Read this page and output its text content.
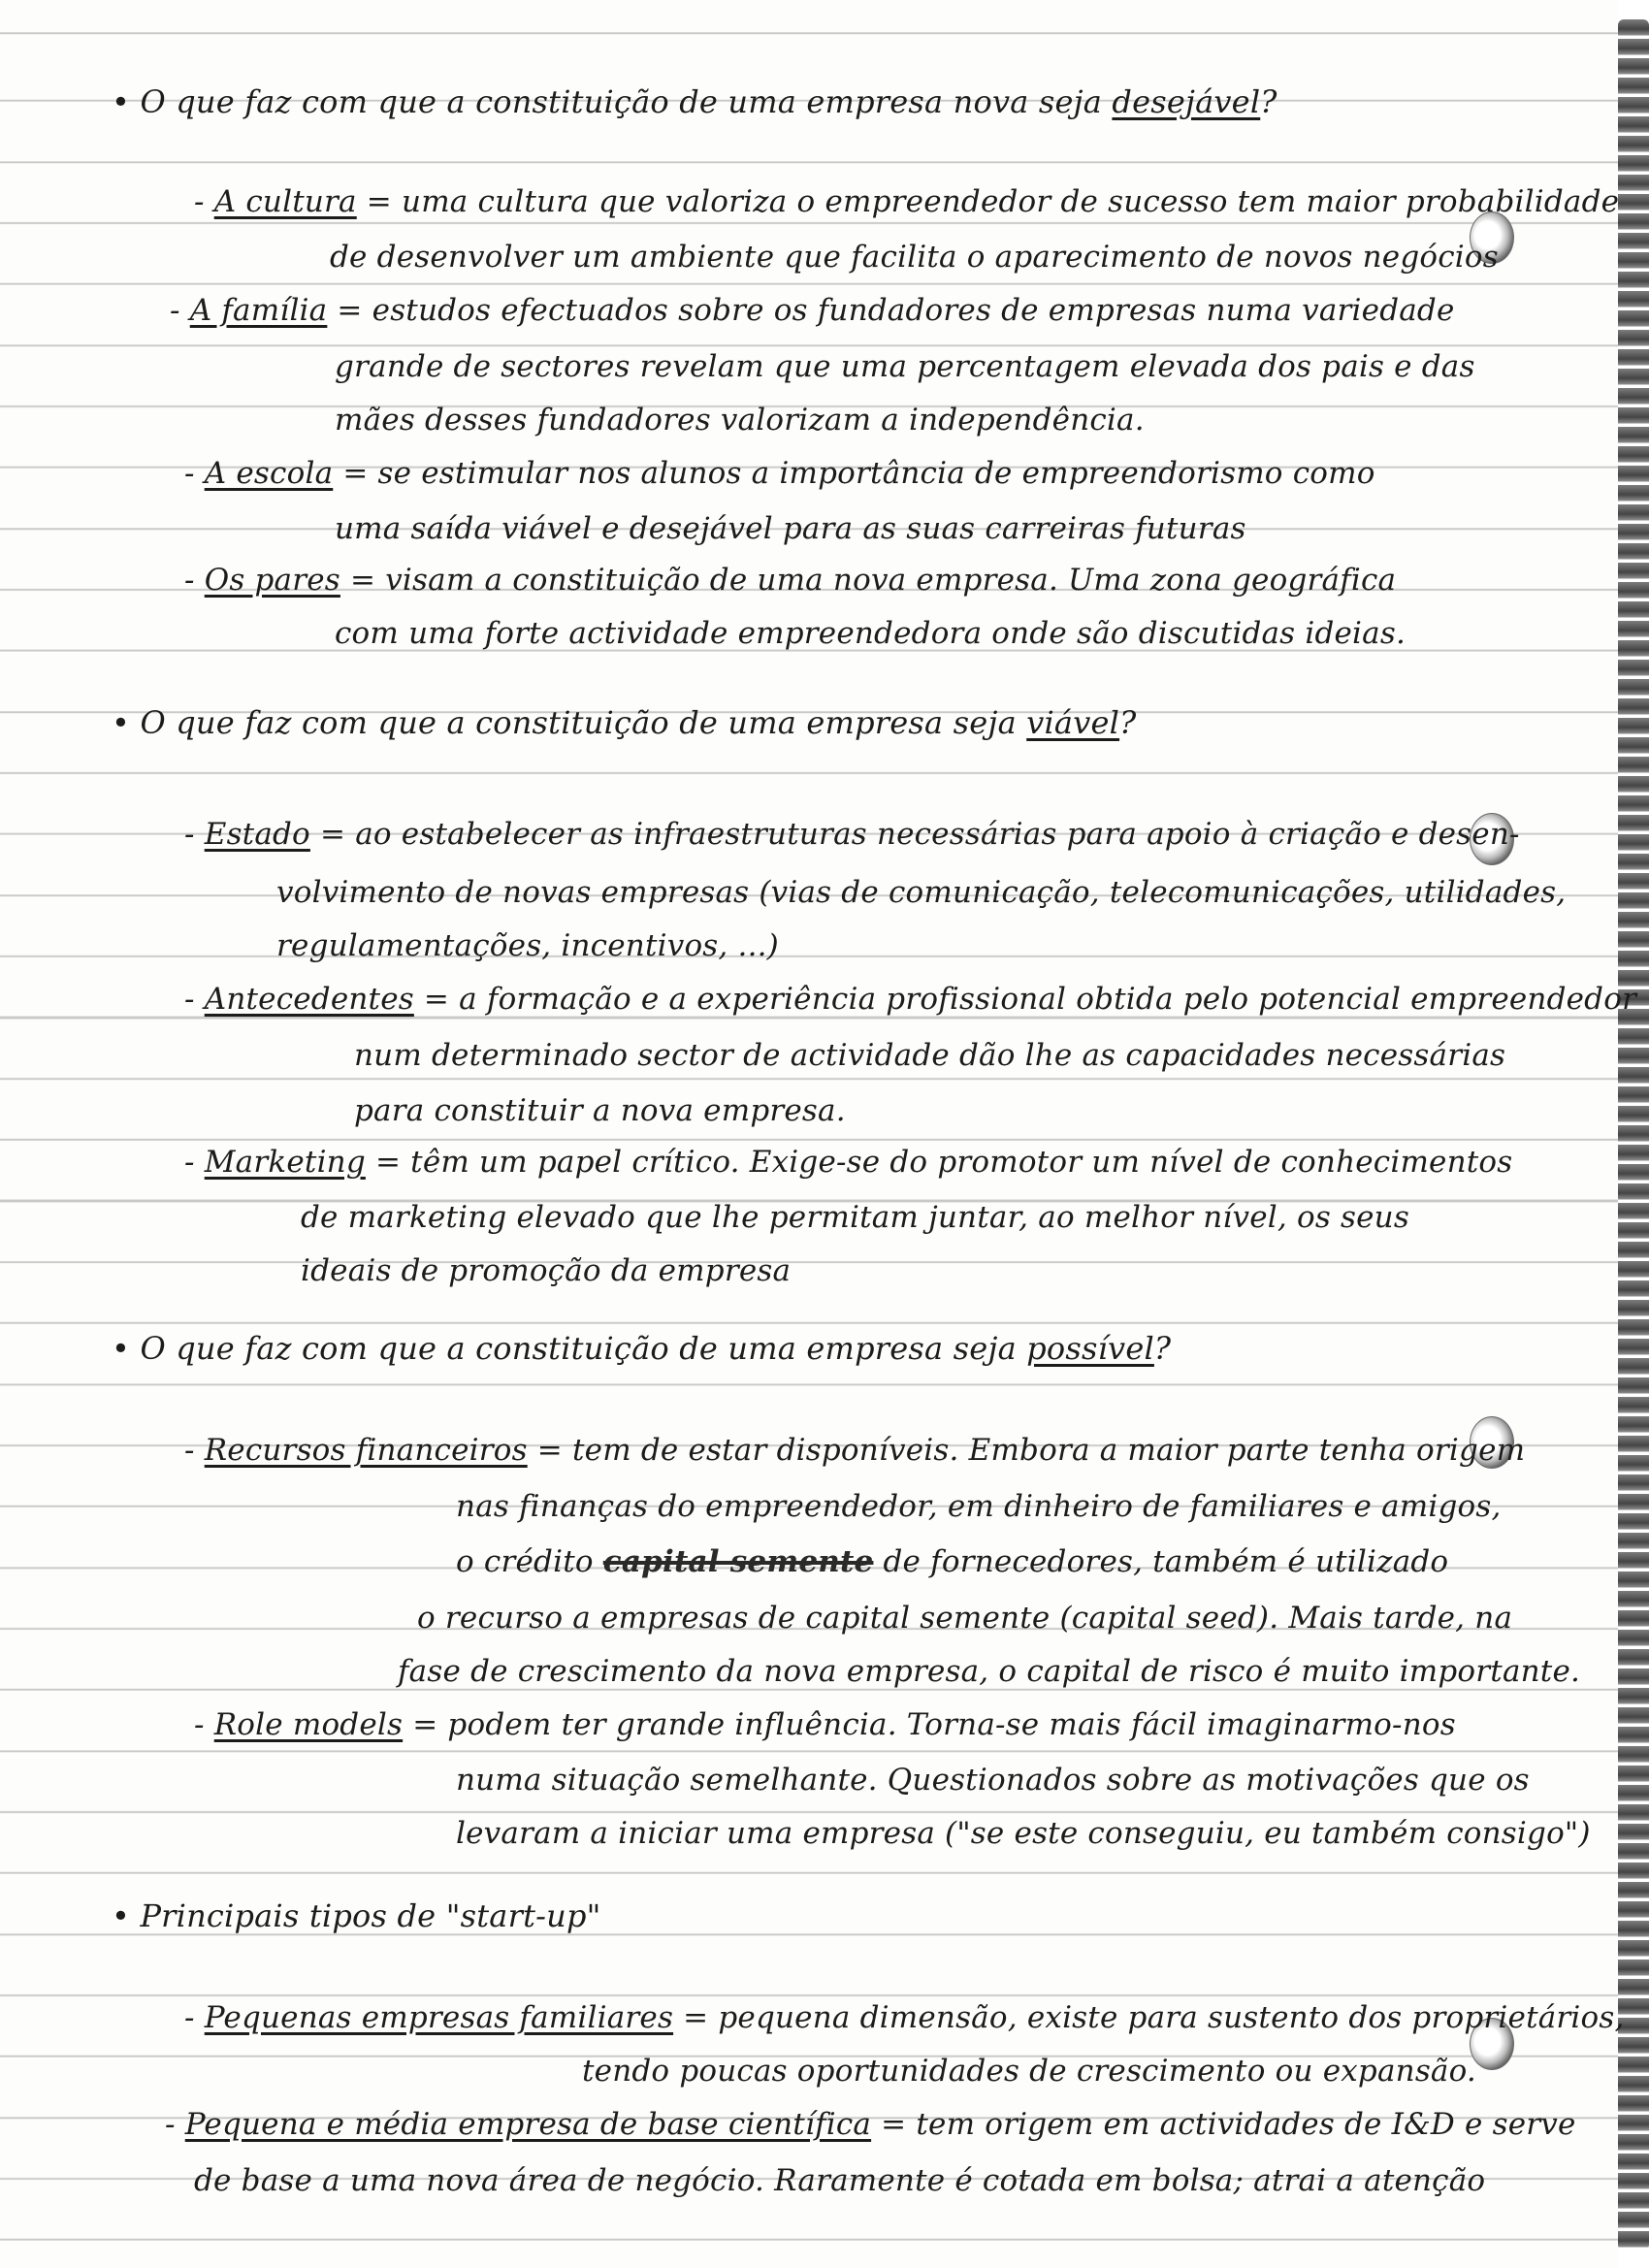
• O que faz com que a constituição de uma empresa nova seja desejável?
- A cultura = uma cultura que valoriza o empreendedor de sucesso tem maior probabilidade
de desenvolver um ambiente que facilita o aparecimento de novos negócios
- A família = estudos efectuados sobre os fundadores de empresas numa variedade
grande de sectores revelam que uma percentagem elevada dos pais e das
mães desses fundadores valorizam a independência.
- A escola = se estimular nos alunos a importância de empreendorismo como
uma saída viável e desejável para as suas carreiras futuras
- Os pares = visam a constituição de uma nova empresa. Uma zona geográfica
com uma forte actividade empreendedora onde são discutidas ideias.
• O que faz com que a constituição de uma empresa seja viável?
- Estado = ao estabelecer as infraestruturas necessárias para apoio à criação e desen-
volvimento de novas empresas (vias de comunicação, telecomunicações, utilidades,
regulamentações, incentivos, ...)
- Antecedentes = a formação e a experiência profissional obtida pelo potencial empreendedor
num determinado sector de actividade dão lhe as capacidades necessárias
para constituir a nova empresa.
- Marketing = têm um papel crítico. Exige-se do promotor um nível de conhecimentos
de marketing elevado que lhe permitam juntar, ao melhor nível, os seus
ideais de promoção da empresa
• O que faz com que a constituição de uma empresa seja possível?
- Recursos financeiros = tem de estar disponíveis. Embora a maior parte tenha origem
nas finanças do empreendedor, em dinheiro de familiares e amigos,
o crédito capital semente de fornecedores, também é utilizado
o recurso a empresas de capital semente (capital seed). Mais tarde, na
fase de crescimento da nova empresa, o capital de risco é muito importante.
- Role models = podem ter grande influência. Torna-se mais fácil imaginarmo-nos
numa situação semelhante. Questionados sobre as motivações que os
levaram a iniciar uma empresa ("se este conseguiu, eu também consigo")
• Principais tipos de "start-up"
- Pequenas empresas familiares = pequena dimensão, existe para sustento dos proprietários,
tendo poucas oportunidades de crescimento ou expansão.
- Pequena e média empresa de base científica = tem origem em actividades de I&D e serve
de base a uma nova área de negócio. Raramente é cotada em bolsa; atrai a atenção
